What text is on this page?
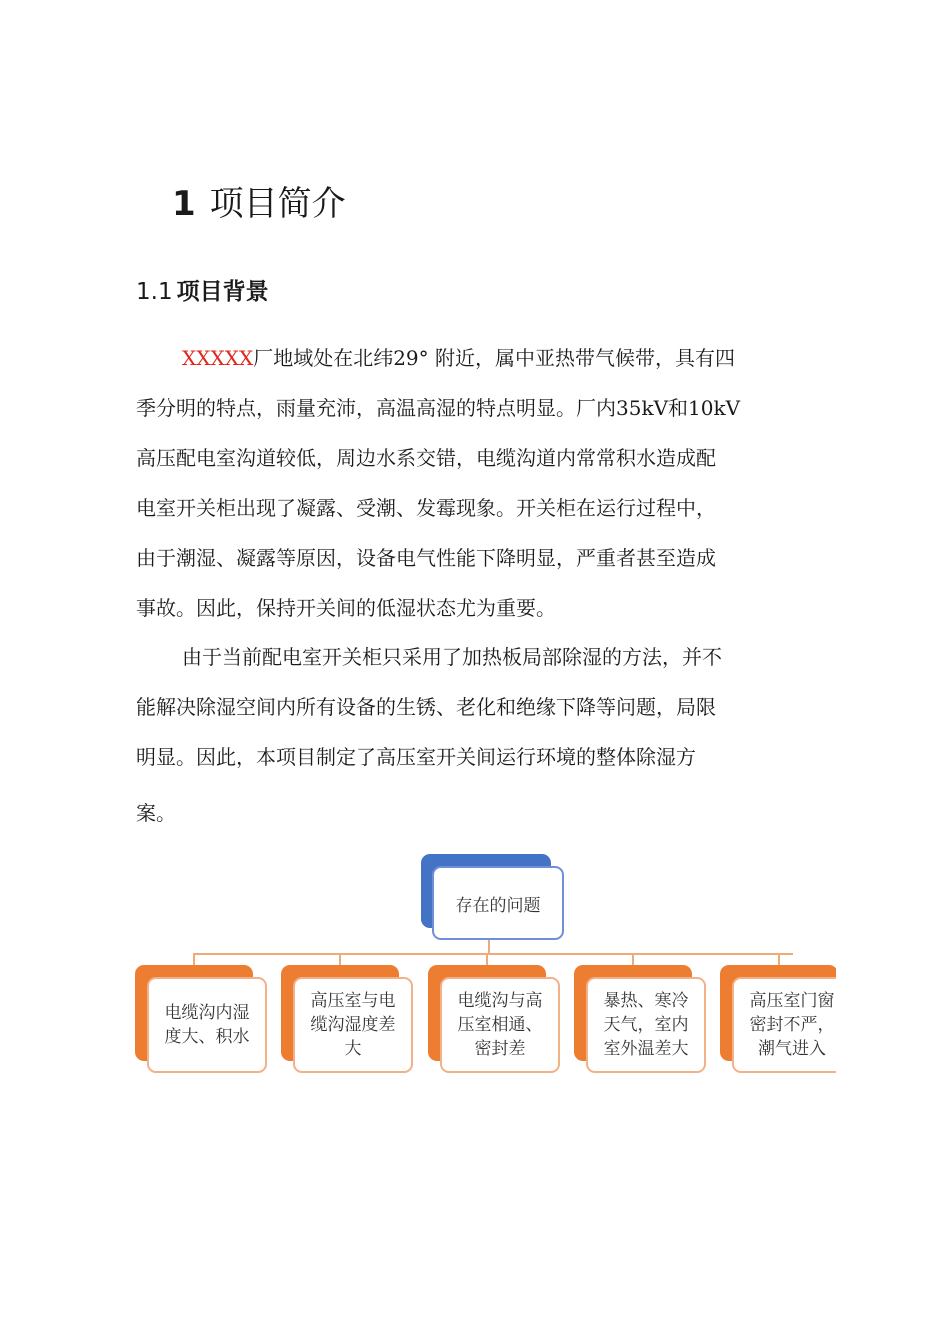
1 项目简介
1.1 项目背景
XXXXX厂地域处在北纬29° 附近，属中亚热带气候带，具有四
季分明的特点，雨量充沛，高温高湿的特点明显。厂内35kV和10kV
高压配电室沟道较低，周边水系交错，电缆沟道内常常积水造成配
电室开关柜出现了凝露、受潮、发霉现象。开关柜在运行过程中，
由于潮湿、凝露等原因，设备电气性能下降明显，严重者甚至造成
事故。因此，保持开关间的低湿状态尤为重要。
由于当前配电室开关柜只采用了加热板局部除湿的方法，并不
能解决除湿空间内所有设备的生锈、老化和绝缘下降等问题，局限
明显。因此，本项目制定了高压室开关间运行环境的整体除湿方
案。
存在的问题
电缆沟内湿
度大、积水
高压室与电
缆沟湿度差
大
电缆沟与高
压室相通、
密封差
暴热、寒冷
天气，室内
室外温差大
高压室门窗
密封不严，
潮气进入
